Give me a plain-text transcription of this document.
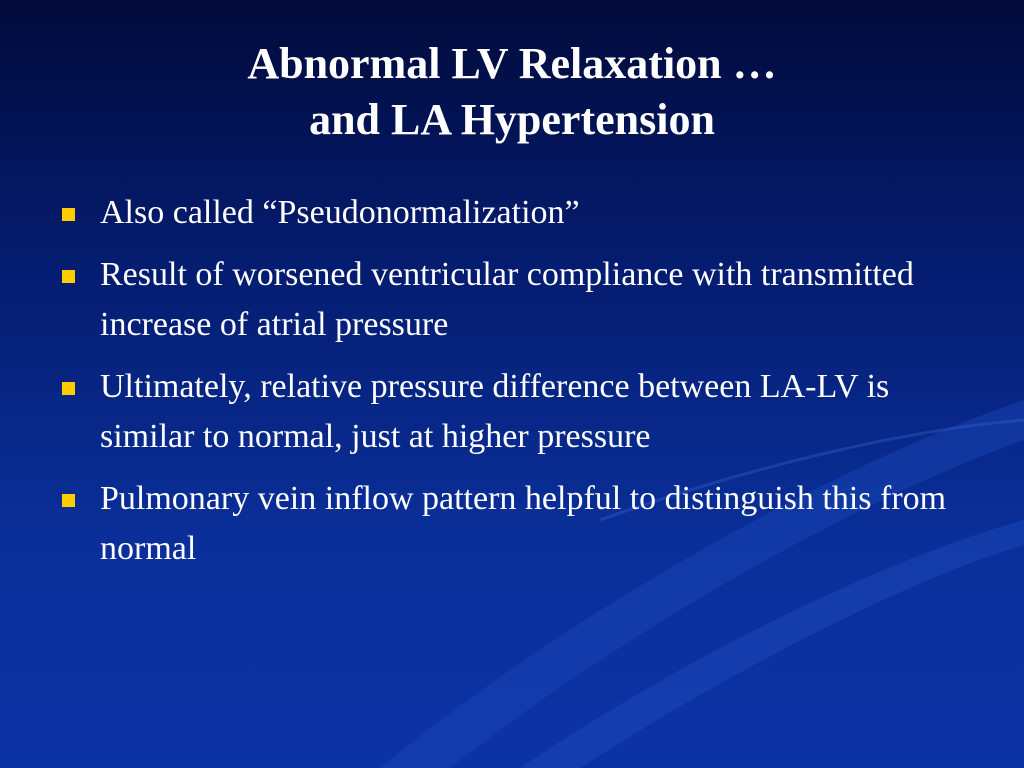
Abnormal LV Relaxation …
and LA Hypertension
Also called “Pseudonormalization”
Result of worsened ventricular compliance with transmitted increase of atrial pressure
Ultimately, relative pressure difference between LA-LV is similar to normal, just at higher pressure
Pulmonary vein inflow pattern helpful to distinguish this from normal
